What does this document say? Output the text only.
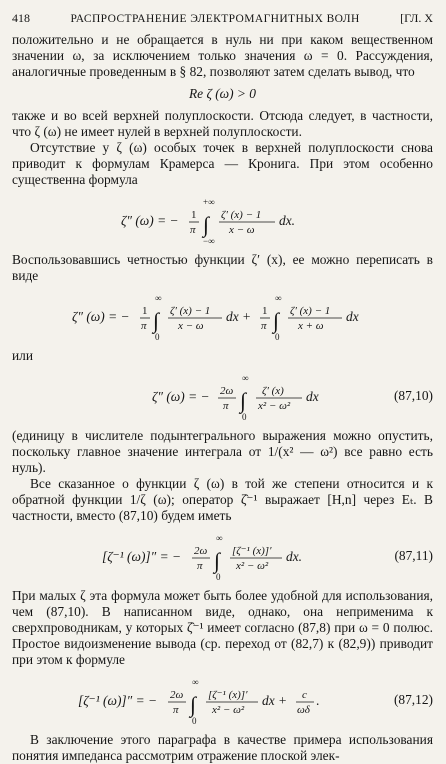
418	РАСПРОСТРАНЕНИЕ ЭЛЕКТРОМАГНИТНЫХ ВОЛН	[ГЛ. X

положительно и не обращается в нуль ни при каком вещественном значении ω, за исключением только значения ω = 0. Рассуждения, аналогичные проведенным в § 82, позволяют затем сделать вывод, что

Re ζ (ω) > 0

также и во всей верхней полуплоскости. Отсюда следует, в частности, что ζ (ω) не имеет нулей в верхней полуплоскости.

Отсутствие у ζ (ω) особых точек в верхней полуплоскости снова приводит к формулам Крамерса — Кронига. При этом особенно существенна формула

ζ″ (ω) = − 1
π
+∞
∫
−∞
ζ′ (x) − 1
x − ω
dx.

Воспользовавшись четностью функции ζ′ (x), ее можно переписать в виде

ζ″ (ω) = − 1
π
∞
∫
0
ζ′ (x) − 1
x − ω
dx + 1
π
∞
∫
0
ζ′ (x) − 1
x + ω
dx

или

ζ″ (ω) = − 2ω
π
∞
∫
0
ζ′ (x)
x² − ω²
dx	(87,10)

(единицу в числителе подынтегрального выражения можно опустить, поскольку главное значение интеграла от 1/(x² — ω²) все равно есть нуль).

Все сказанное о функции ζ (ω) в той же степени относится и к обратной функции 1/ζ (ω); оператор ζ̂⁻¹ выражает [H,n] через Eₜ. В частности, вместо (87,10) будем иметь

[ζ⁻¹ (ω)]″ = − 2ω
π
∞
∫
0
[ζ⁻¹ (x)]′
x² − ω²
dx.	(87,11)

При малых ζ эта формула может быть более удобной для использования, чем (87,10). В написанном виде, однако, она неприменима к сверхпроводникам, у которых ζ̂⁻¹ имеет согласно (87,8) при ω = 0 полюс. Простое видоизменение вывода (ср. переход от (82,7) к (82,9)) приводит при этом к формуле

[ζ⁻¹ (ω)]″ = − 2ω
π
∞
∫
0
[ζ⁻¹ (x)]′
x² − ω²
dx + c
ωδ
.	(87,12)

В заключение этого параграфа в качестве примера использования понятия импеданса рассмотрим отражение плоской элек-
